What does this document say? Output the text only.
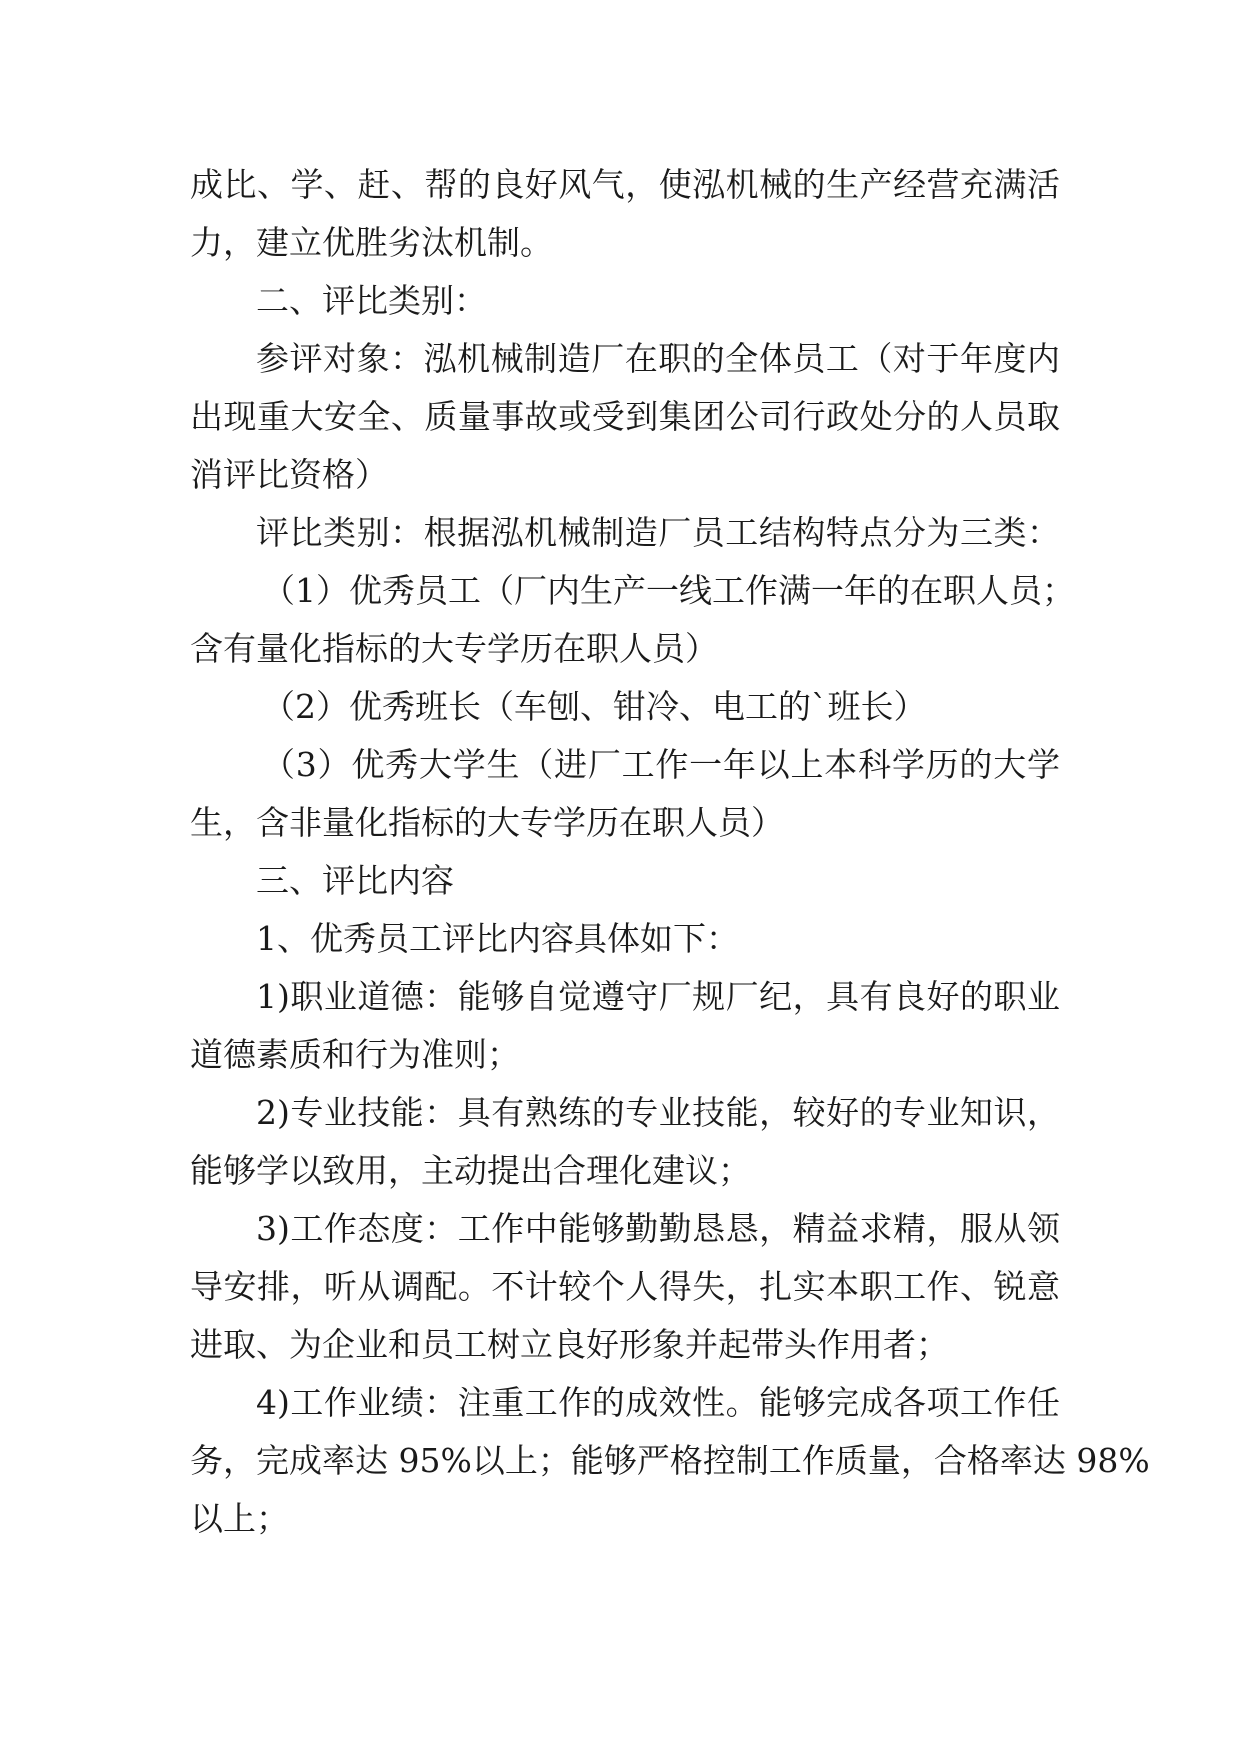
成比、学、赶、帮的良好风气，使泓机械的生产经营充满活

力，建立优胜劣汰机制。

二、评比类别：

参评对象：泓机械制造厂在职的全体员工（对于年度内

出现重大安全、质量事故或受到集团公司行政处分的人员取

消评比资格）

评比类别：根据泓机械制造厂员工结构特点分为三类：

（1）优秀员工（厂内生产一线工作满一年的在职人员；

含有量化指标的大专学历在职人员）

（2）优秀班长（车刨、钳冷、电工的`班长）

（3）优秀大学生（进厂工作一年以上本科学历的大学

生，含非量化指标的大专学历在职人员）

三、评比内容

1、优秀员工评比内容具体如下：

1)职业道德：能够自觉遵守厂规厂纪，具有良好的职业

道德素质和行为准则；

2)专业技能：具有熟练的专业技能，较好的专业知识，

能够学以致用，主动提出合理化建议；

3)工作态度：工作中能够勤勤恳恳，精益求精，服从领

导安排，听从调配。不计较个人得失，扎实本职工作、锐意

进取、为企业和员工树立良好形象并起带头作用者；

4)工作业绩：注重工作的成效性。能够完成各项工作任

务，完成率达 95%以上；能够严格控制工作质量，合格率达 98%

以上；
